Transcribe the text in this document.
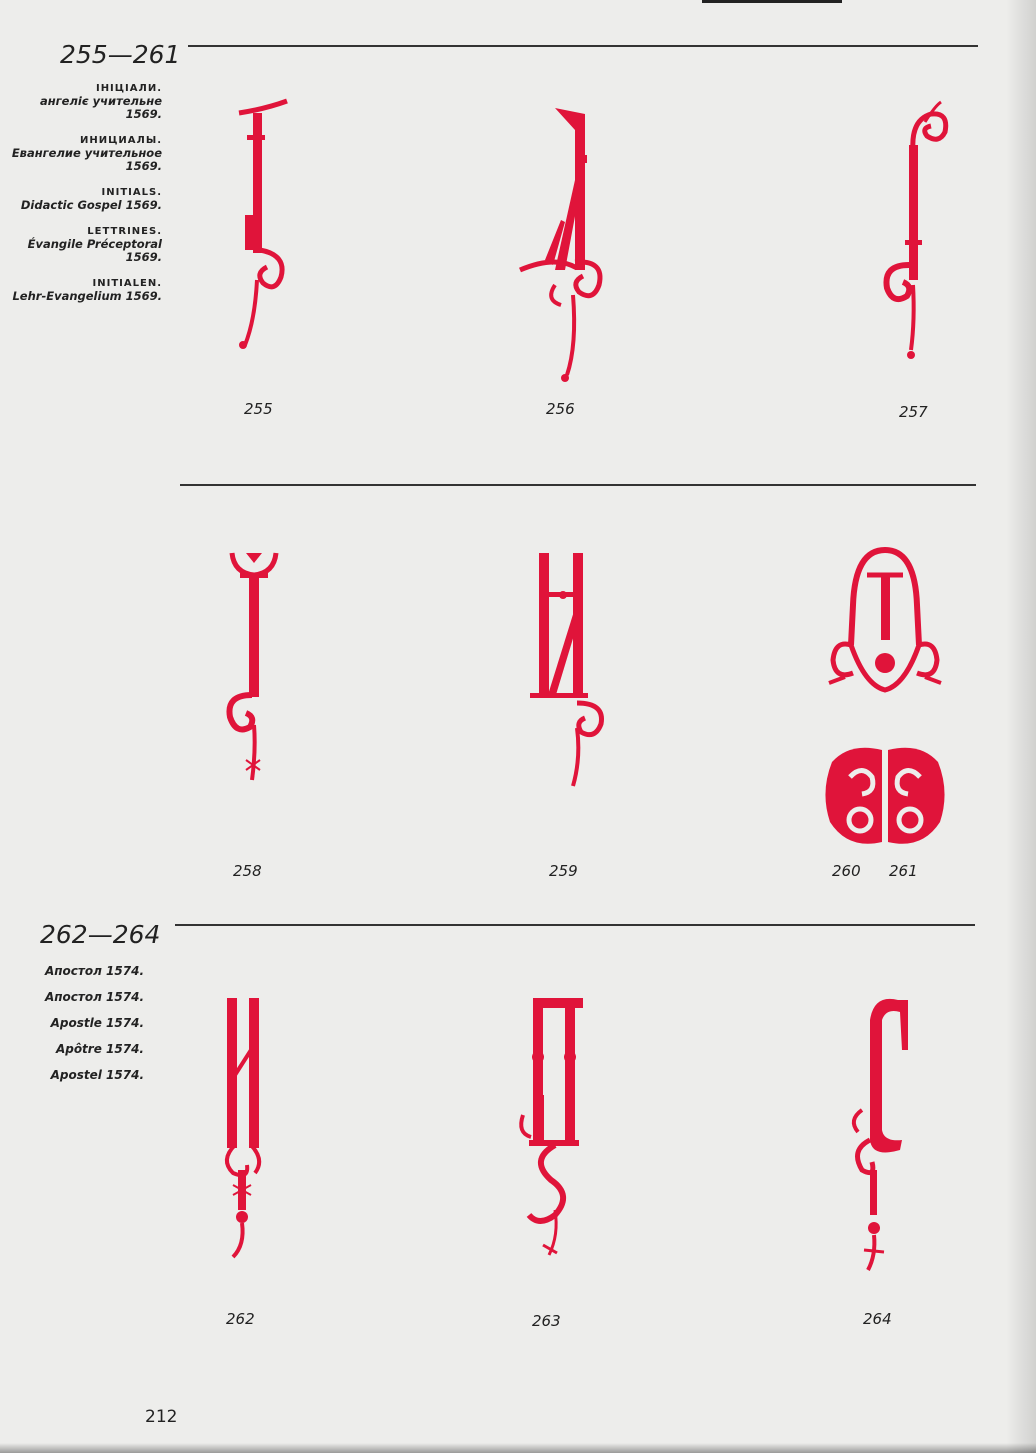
255—261
ІНІЦІАЛИ.
ангеліє учительне 1569.
ИНИЦИАЛЫ.
Евангелие учительное 1569.
INITIALS.
Didactic Gospel 1569.
LETTRINES.
Évangile Préceptoral 1569.
INITIALEN.
Lehr-Evangelium 1569.
255	256	257
258	259	260 261
262—264
Апостол 1574.
Апостол 1574.
Apostle 1574.
Apôtre 1574.
Apostel 1574.
262	263	264
212
